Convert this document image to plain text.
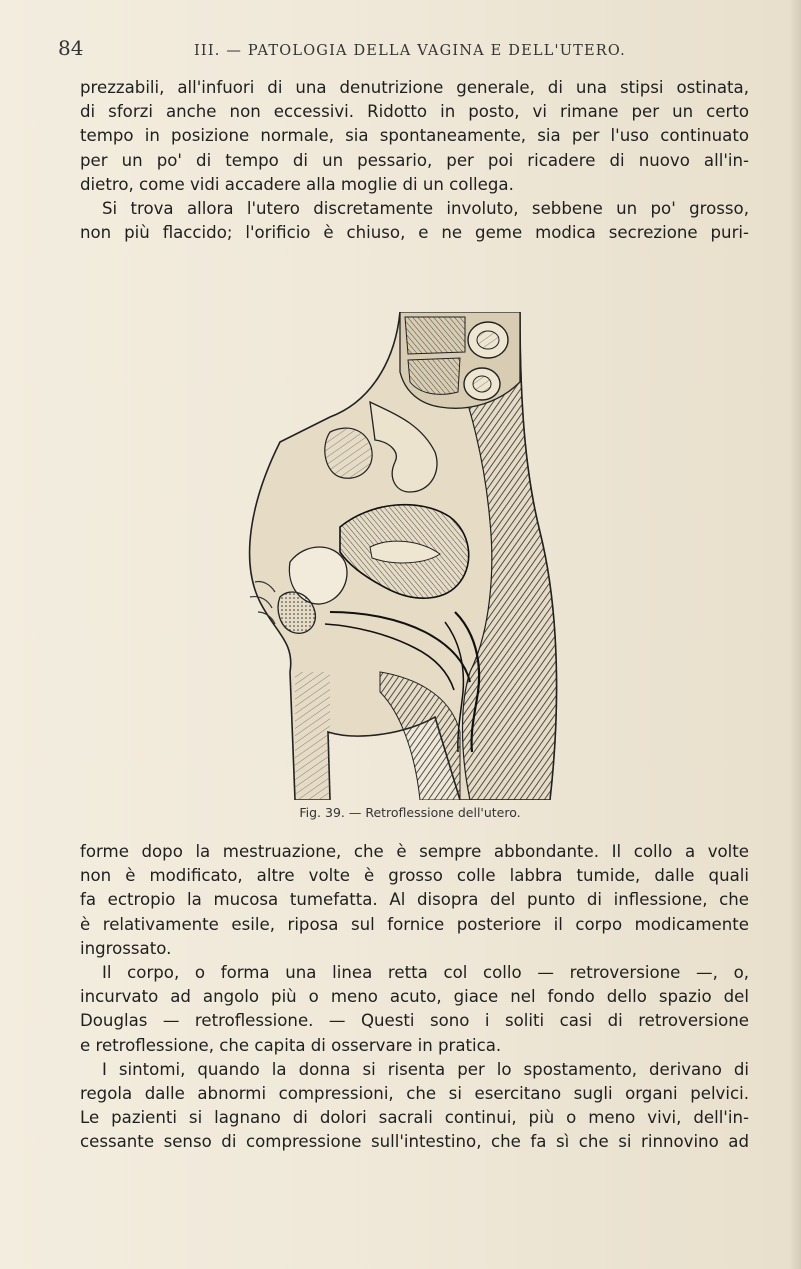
84	III. — PATOLOGIA DELLA VAGINA E DELL'UTERO.

prezzabili, all'infuori di una denutrizione generale, di una stipsi ostinata,

di sforzi anche non eccessivi. Ridotto in posto, vi rimane per un certo

tempo in posizione normale, sia spontaneamente, sia per l'uso continuato

per un po' di tempo di un pessario, per poi ricadere di nuovo all'in-

dietro, come vidi accadere alla moglie di un collega.

Si trova allora l'utero discretamente involuto, sebbene un po' grosso,

non più flaccido; l'orificio è chiuso, e ne geme modica secrezione puri-

Fig. 39. — Retroflessione dell'utero.

forme dopo la mestruazione, che è sempre abbondante. Il collo a volte

non è modificato, altre volte è grosso colle labbra tumide, dalle quali

fa ectropio la mucosa tumefatta. Al disopra del punto di inflessione, che

è relativamente esile, riposa sul fornice posteriore il corpo modicamente

ingrossato.

Il corpo, o forma una linea retta col collo — retroversione —, o,

incurvato ad angolo più o meno acuto, giace nel fondo dello spazio del

Douglas — retroflessione. — Questi sono i soliti casi di retroversione

e retroflessione, che capita di osservare in pratica.

I sintomi, quando la donna si risenta per lo spostamento, derivano di

regola dalle abnormi compressioni, che si esercitano sugli organi pelvici.

Le pazienti si lagnano di dolori sacrali continui, più o meno vivi, dell'in-

cessante senso di compressione sull'intestino, che fa sì che si rinnovino ad
